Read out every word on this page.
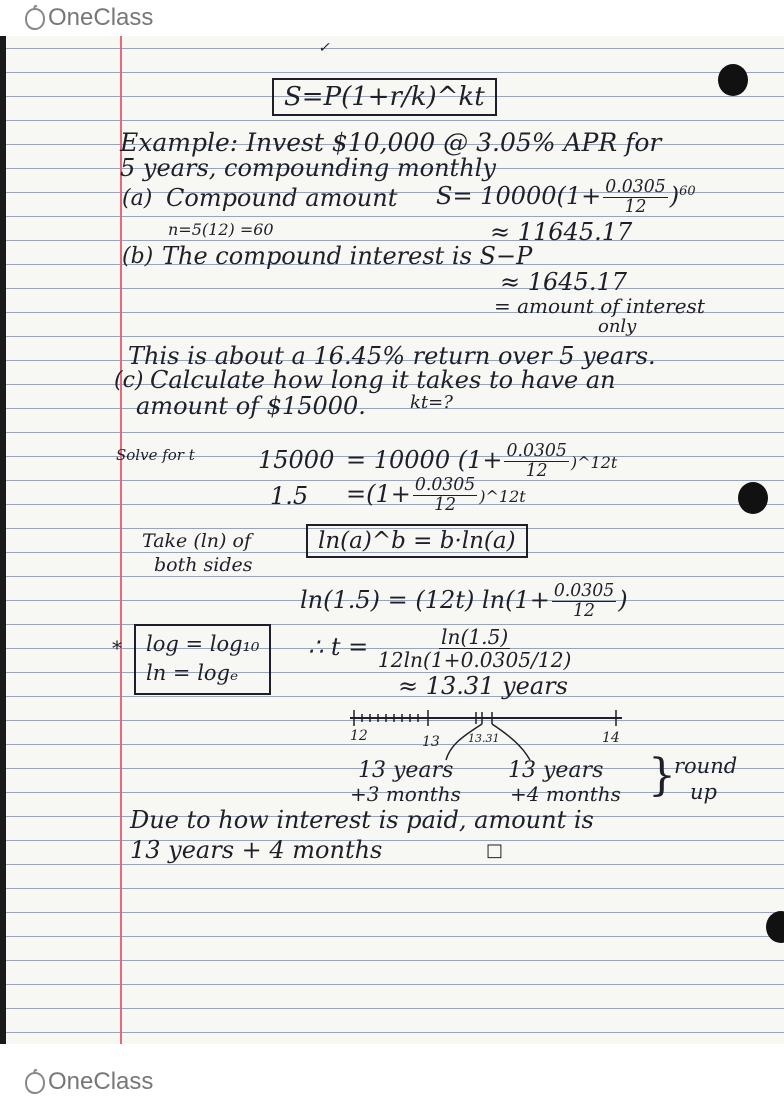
OneClass
✓
S=P(1+r/k)^kt
Example: Invest $10,000 @ 3.05% APR for
5 years, compounding monthly
(a) Compound amount $S= 10000(1+ \frac{0.0305}{12} )^{60}$
n=5(12) =60	≈ 11645.17
(b) The compound interest is S−P
≈ 1645.17
= amount of interest
only
This is about a 16.45% return over 5 years.
(c) Calculate how long it takes to have an
amount of $15000. kt=?
Solve for t	15000 = 10000 ($1+ \frac{0.0305}{12}$ )^12t
$1.5 =(1+ \frac{0.0305}{12}$ )^12t
Take (ln) of
both sides
ln(a)^b = b·ln(a)
ln(1.5) = (12t) $\ln(1+ \frac{0.0305}{12}$ )
∴ $t = \frac{\ln(1.5)}{12\ln(1+0.0305/12)}$
≈ 13.31 years
* log = log₁₀
ln = logₑ
12	13	13.31	14
13 years
+3 months
13 years
+4 months }
round
up
Due to how interest is paid, amount is
13 years + 4 months	□
OneClass
